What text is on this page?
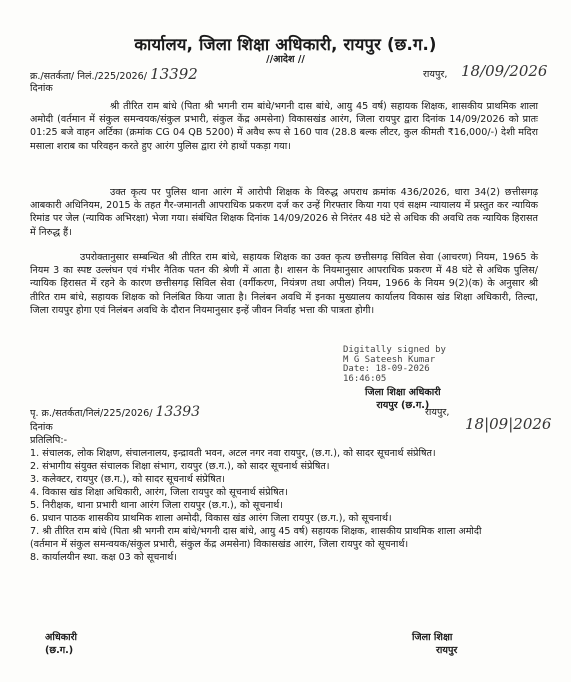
कार्यालय, जिला शिक्षा अधिकारी, रायपुर (छ.ग.)
//आदेश //
क्र./सतर्कता/ निलं./225/2026/ 13392
दिनांक
रायपुर, 18/09/2026
श्री तीरित राम बांधे (पिता श्री भगनी राम बांधे/भगनी दास बांधे, आयु 45 वर्ष) सहायक शिक्षक, शासकीय प्राथमिक शाला अमोदी (वर्तमान में संकुल समन्वयक/संकुल प्रभारी, संकुल केंद्र अमसेना) विकासखंड आरंग, जिला रायपुर द्वारा दिनांक 14/09/2026 को प्रातः 01:25 बजे वाहन अर्टिका (क्रमांक CG 04 QB 5200) में अवैध रूप से 160 पाव (28.8 बल्क लीटर, कुल कीमती ₹16,000/-) देशी मदिरा मसाला शराब का परिवहन करते हुए आरंग पुलिस द्वारा रंगे हाथों पकड़ा गया।
उक्त कृत्य पर पुलिस थाना आरंग में आरोपी शिक्षक के विरुद्ध अपराध क्रमांक 436/2026, धारा 34(2) छत्तीसगढ़ आबकारी अधिनियम, 2015 के तहत गैर-जमानती आपराधिक प्रकरण दर्ज कर उन्हें गिरफ्तार किया गया एवं सक्षम न्यायालय में प्रस्तुत कर न्यायिक रिमांड पर जेल (न्यायिक अभिरक्षा) भेजा गया। संबंधित शिक्षक दिनांक 14/09/2026 से निरंतर 48 घंटे से अधिक की अवधि तक न्यायिक हिरासत में निरुद्ध हैं।
उपरोक्तानुसार सम्बन्धित श्री तीरित राम बांधे, सहायक शिक्षक का उक्त कृत्य छत्तीसगढ़ सिविल सेवा (आचरण) नियम, 1965 के नियम 3 का स्पष्ट उल्लंघन एवं गंभीर नैतिक पतन की श्रेणी में आता है। शासन के नियमानुसार आपराधिक प्रकरण में 48 घंटे से अधिक पुलिस/न्यायिक हिरासत में रहने के कारण छत्तीसगढ़ सिविल सेवा (वर्गीकरण, नियंत्रण तथा अपील) नियम, 1966 के नियम 9(2)(क) के अनुसार श्री तीरित राम बांधे, सहायक शिक्षक को निलंबित किया जाता है। निलंबन अवधि में इनका मुख्यालय कार्यालय विकास खंड शिक्षा अधिकारी, तिल्दा, जिला रायपुर होगा एवं निलंबन अवधि के दौरान नियमानुसार इन्हें जीवन निर्वाह भत्ता की पात्रता होगी।
Digitally signed by
M G Sateesh Kumar
Date: 18-09-2026
16:46:05
जिला शिक्षा अधिकारी
रायपुर (छ.ग.)
पृ. क्र./सतर्कता/निलं/225/2026/ 13393
दिनांक
रायपुर,
18|09|2026
प्रतिलिपि:-
1. संचालक, लोक शिक्षण, संचालनालय, इन्द्रावती भवन, अटल नगर नवा रायपुर, (छ.ग.), को सादर सूचनार्थ संप्रेषित।
2. संभागीय संयुक्त संचालक शिक्षा संभाग, रायपुर (छ.ग.), को सादर सूचनार्थ संप्रेषित।
3. कलेक्टर, रायपुर (छ.ग.), को सादर सूचनार्थ संप्रेषित।
4. विकास खंड शिक्षा अधिकारी, आरंग, जिला रायपुर को सूचनार्थ संप्रेषित।
5. निरीक्षक, थाना प्रभारी थाना आरंग जिला रायपुर (छ.ग.), को सूचनार्थ।
6. प्रधान पाठक शासकीय प्राथमिक शाला अमोदी, विकास खंड आरंग जिला रायपुर (छ.ग.), को सूचनार्थ।
7. श्री तीरित राम बांधे (पिता श्री भगनी राम बांधे/भगनी दास बांधे, आयु 45 वर्ष) सहायक शिक्षक, शासकीय प्राथमिक शाला अमोदी (वर्तमान में संकुल समन्वयक/संकुल प्रभारी, संकुल केंद्र अमसेना) विकासखंड आरंग, जिला रायपुर को सूचनार्थ।
8. कार्यालयीन स्था. कक्ष 03 को सूचनार्थ।
अधिकारी
(छ.ग.)
जिला शिक्षा
रायपुर
